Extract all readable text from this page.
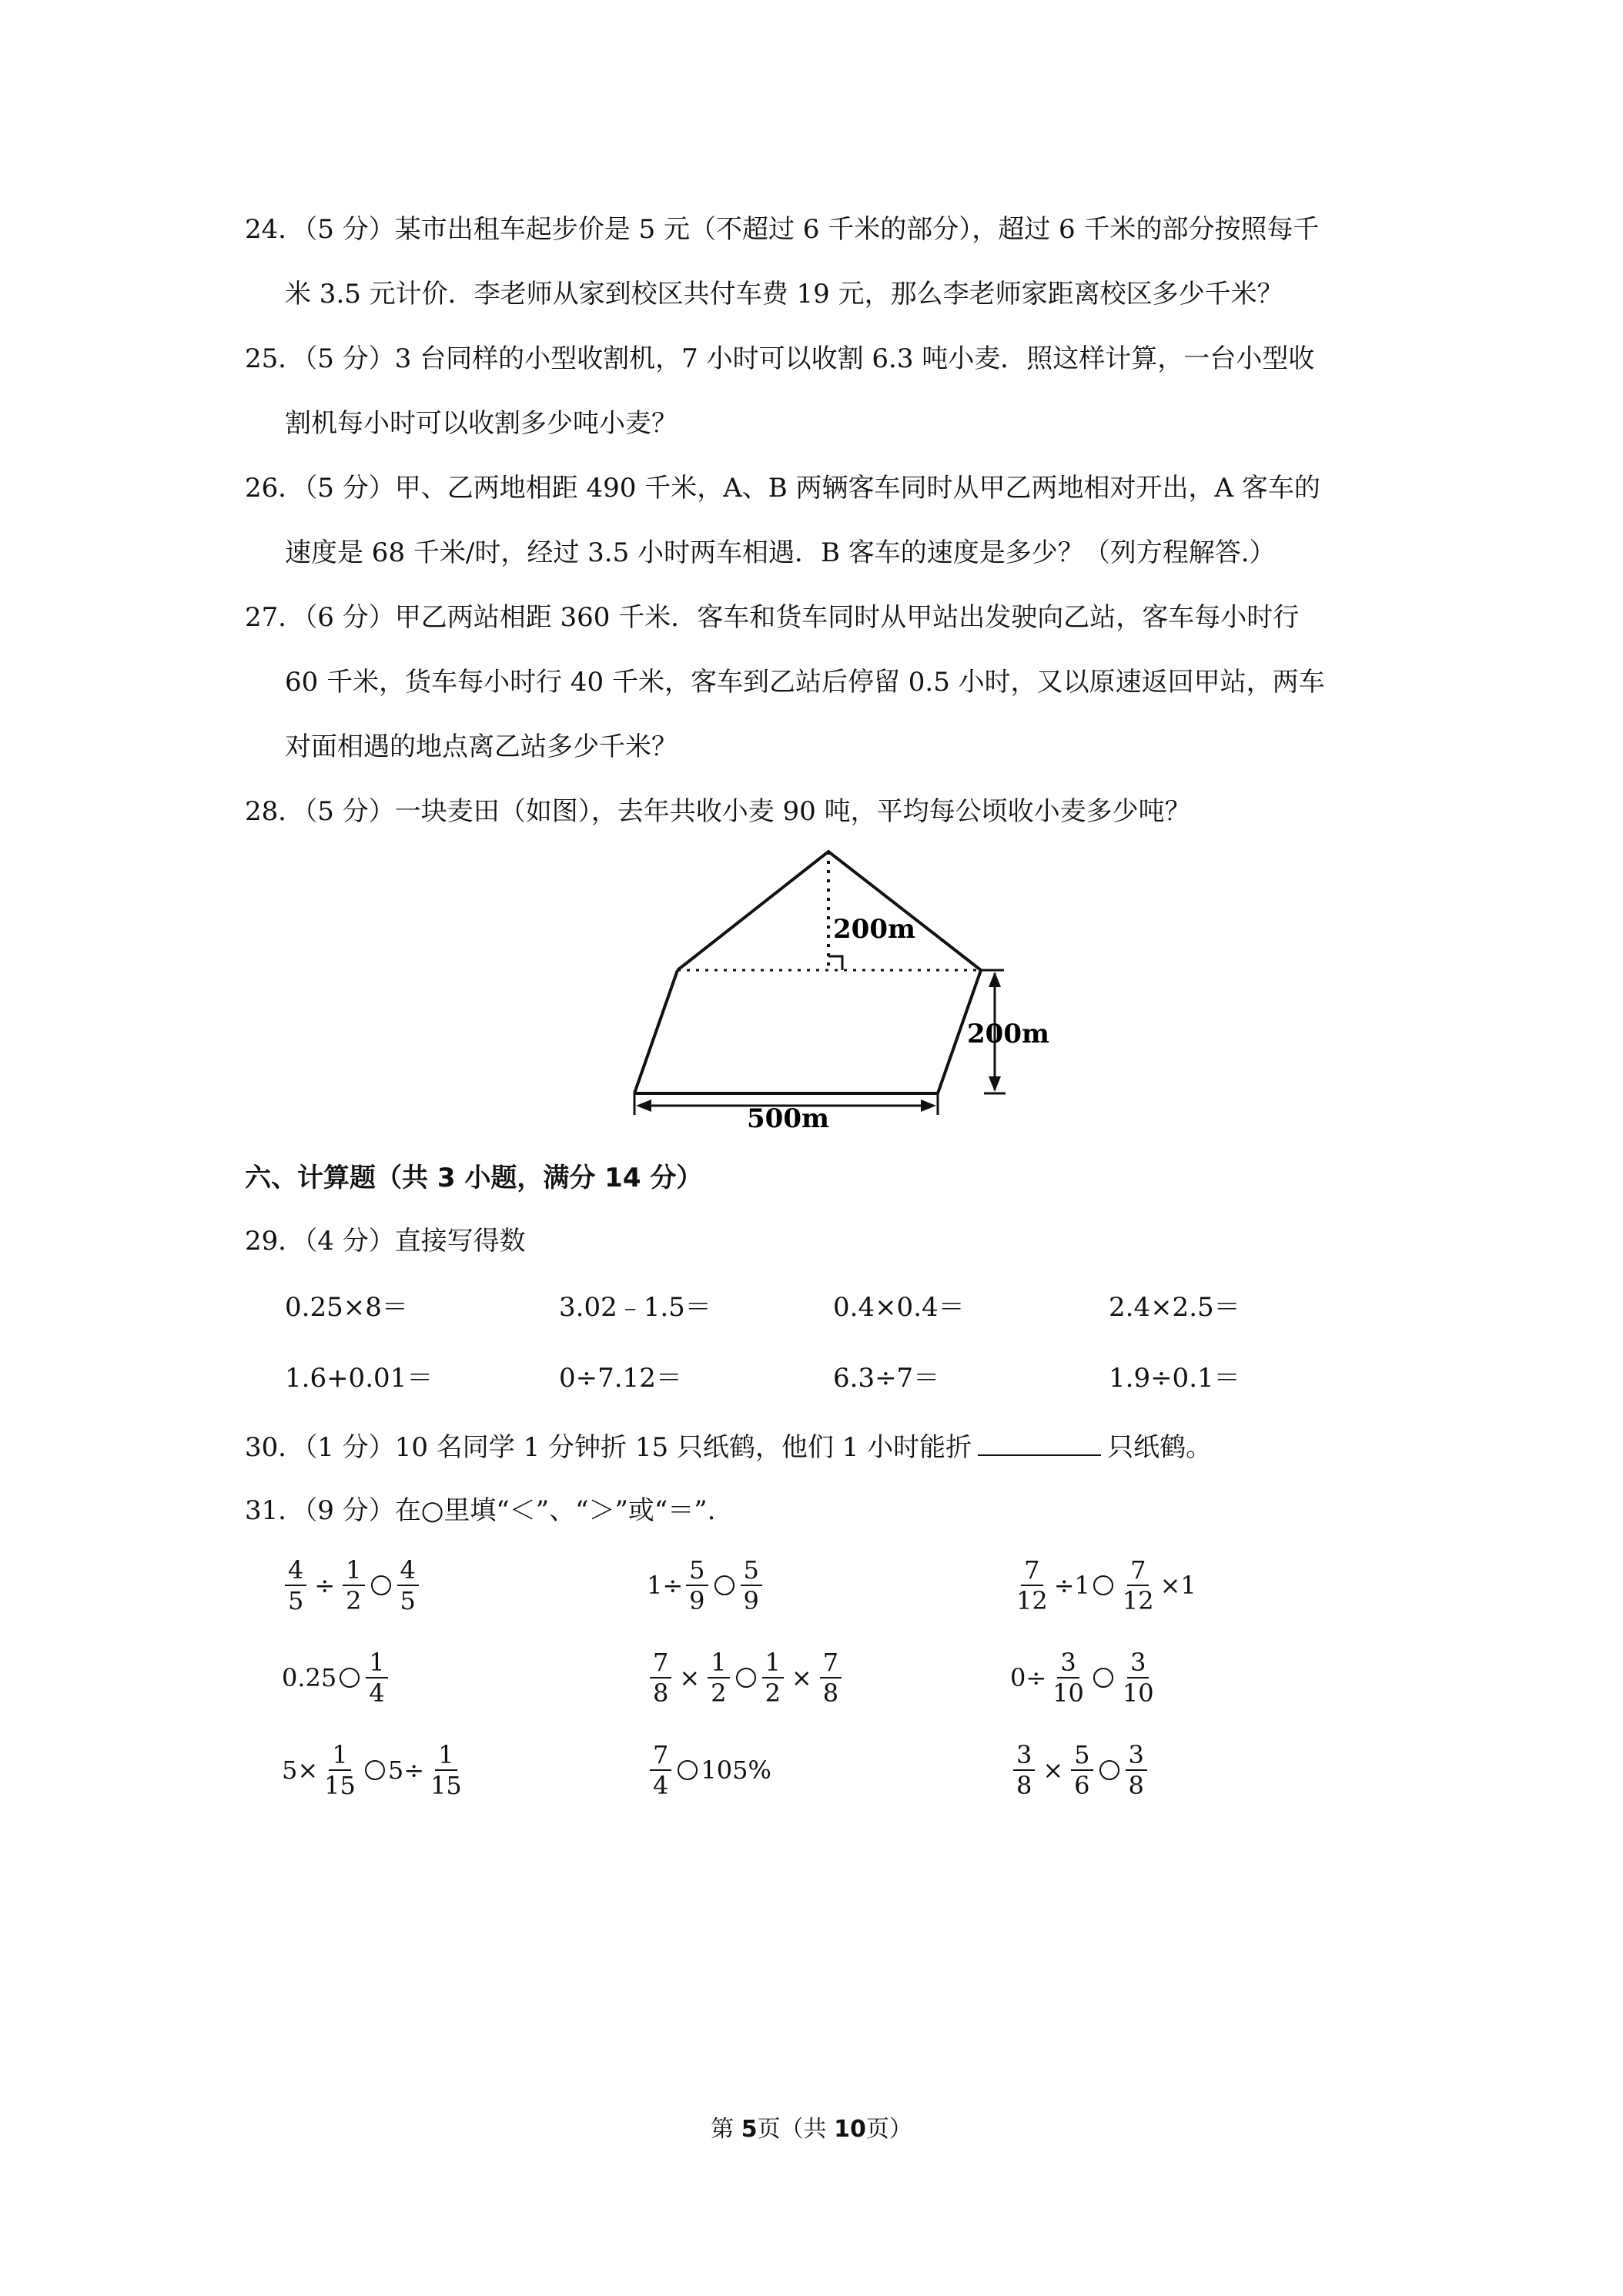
24．（5 分）某市出租车起步价是 5 元（不超过 6 千米的部分），超过 6 千米的部分按照每千
米 3.5 元计价．李老师从家到校区共付车费 19 元，那么李老师家距离校区多少千米？
25．（5 分）3 台同样的小型收割机，7 小时可以收割 6.3 吨小麦．照这样计算，一台小型收
割机每小时可以收割多少吨小麦？
26．（5 分）甲、乙两地相距 490 千米，A、B 两辆客车同时从甲乙两地相对开出，A 客车的
速度是 68 千米/时，经过 3.5 小时两车相遇．B 客车的速度是多少？（列方程解答.）
27．（6 分）甲乙两站相距 360 千米．客车和货车同时从甲站出发驶向乙站，客车每小时行
60 千米，货车每小时行 40 千米，客车到乙站后停留 0.5 小时，又以原速返回甲站，两车
对面相遇的地点离乙站多少千米？
28．（5 分）一块麦田（如图），去年共收小麦 90 吨，平均每公顷收小麦多少吨？
200m
200m
500m
六、计算题（共 3 小题，满分 14 分）
29．（4 分）直接写得数
0.25×8＝	3.02﹣1.5＝	0.4×0.4＝	2.4×2.5＝
1.6+0.01＝	0÷7.12＝	6.3÷7＝	1.9÷0.1＝
30．（1 分）10 名同学 1 分钟折 15 只纸鹤，他们 1 小时能折	只纸鹤。
31．（9 分）在○里填“＜”、“＞”或“＝”.
$\frac{4}{5} \div \frac{1}{2} \frac{4}{5}$	$1\div \frac{5}{9} \frac{5}{9}$	$\frac{7}{12} \div 1 \frac{7}{12} \times 1$
$0.25 \frac{1}{4}$	$\frac{7}{8} \times \frac{1}{2} \frac{1}{2} \times \frac{7}{8}$	$0\div \frac{3}{10} \frac{3}{10}$
$5\times \frac{1}{15} 5\div \frac{1}{15}$	$\frac{7}{4} 105\%$	$\frac{3}{8} \times \frac{5}{6} \frac{3}{8}$
第 5页（共 10页）
